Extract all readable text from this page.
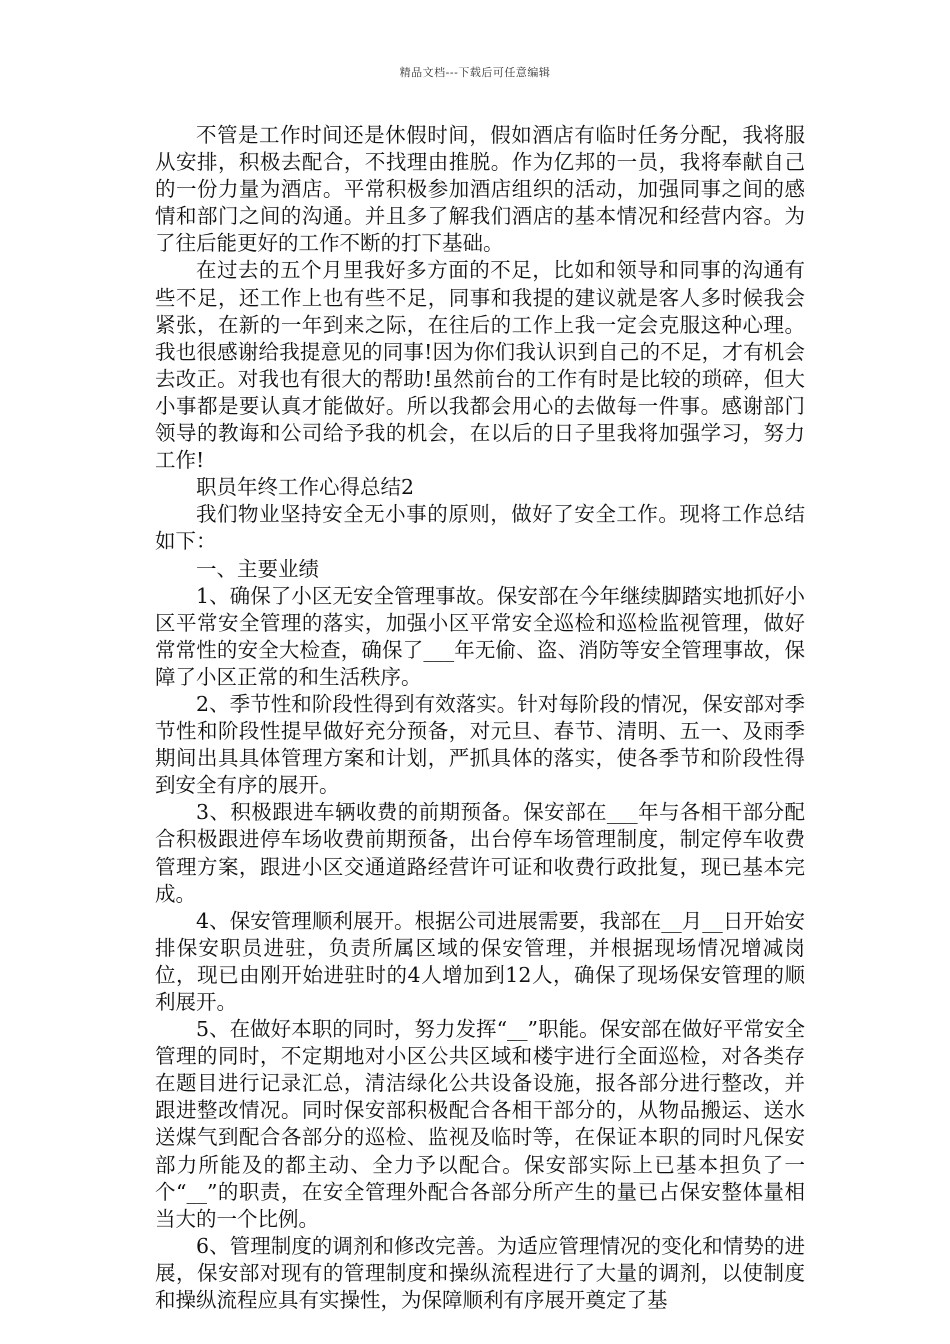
精品文档---下载后可任意编辑

不管是工作时间还是休假时间，假如酒店有临时任务分配，我将服从安排，积极去配合，不找理由推脱。作为亿邦的一员，我将奉献自己的一份力量为酒店。平常积极参加酒店组织的活动，加强同事之间的感情和部门之间的沟通。并且多了解我们酒店的基本情况和经营内容。为了往后能更好的工作不断的打下基础。

在过去的五个月里我好多方面的不足，比如和领导和同事的沟通有些不足，还工作上也有些不足，同事和我提的建议就是客人多时候我会紧张，在新的一年到来之际，在往后的工作上我一定会克服这种心理。我也很感谢给我提意见的同事!因为你们我认识到自己的不足，才有机会去改正。对我也有很大的帮助!虽然前台的工作有时是比较的琐碎，但大小事都是要认真才能做好。所以我都会用心的去做每一件事。感谢部门领导的教诲和公司给予我的机会，在以后的日子里我将加强学习，努力工作!

职员年终工作心得总结2

我们物业坚持安全无小事的原则，做好了安全工作。现将工作总结如下：

一、主要业绩

1、确保了小区无安全管理事故。保安部在今年继续脚踏实地抓好小区平常安全管理的落实，加强小区平常安全巡检和巡检监视管理，做好常常性的安全大检查，确保了___年无偷、盗、消防等安全管理事故，保障了小区正常的和生活秩序。

2、季节性和阶段性得到有效落实。针对每阶段的情况，保安部对季节性和阶段性提早做好充分预备，对元旦、春节、清明、五一、及雨季期间出具具体管理方案和计划，严抓具体的落实，使各季节和阶段性得到安全有序的展开。

3、积极跟进车辆收费的前期预备。保安部在___年与各相干部分配合积极跟进停车场收费前期预备，出台停车场管理制度，制定停车收费管理方案，跟进小区交通道路经营许可证和收费行政批复，现已基本完成。

4、保安管理顺利展开。根据公司进展需要，我部在__月__日开始安排保安职员进驻，负责所属区域的保安管理，并根据现场情况增减岗位，现已由刚开始进驻时的4人增加到12人，确保了现场保安管理的顺利展开。

5、在做好本职的同时，努力发挥“__”职能。保安部在做好平常安全管理的同时，不定期地对小区公共区域和楼宇进行全面巡检，对各类存在题目进行记录汇总，清洁绿化公共设备设施，报各部分进行整改，并跟进整改情况。同时保安部积极配合各相干部分的，从物品搬运、送水送煤气到配合各部分的巡检、监视及临时等，在保证本职的同时凡保安部力所能及的都主动、全力予以配合。保安部实际上已基本担负了一个“__”的职责，在安全管理外配合各部分所产生的量已占保安整体量相当大的一个比例。

6、管理制度的调剂和修改完善。为适应管理情况的变化和情势的进展，保安部对现有的管理制度和操纵流程进行了大量的调剂，以使制度和操纵流程应具有实操性，为保障顺利有序展开奠定了基
